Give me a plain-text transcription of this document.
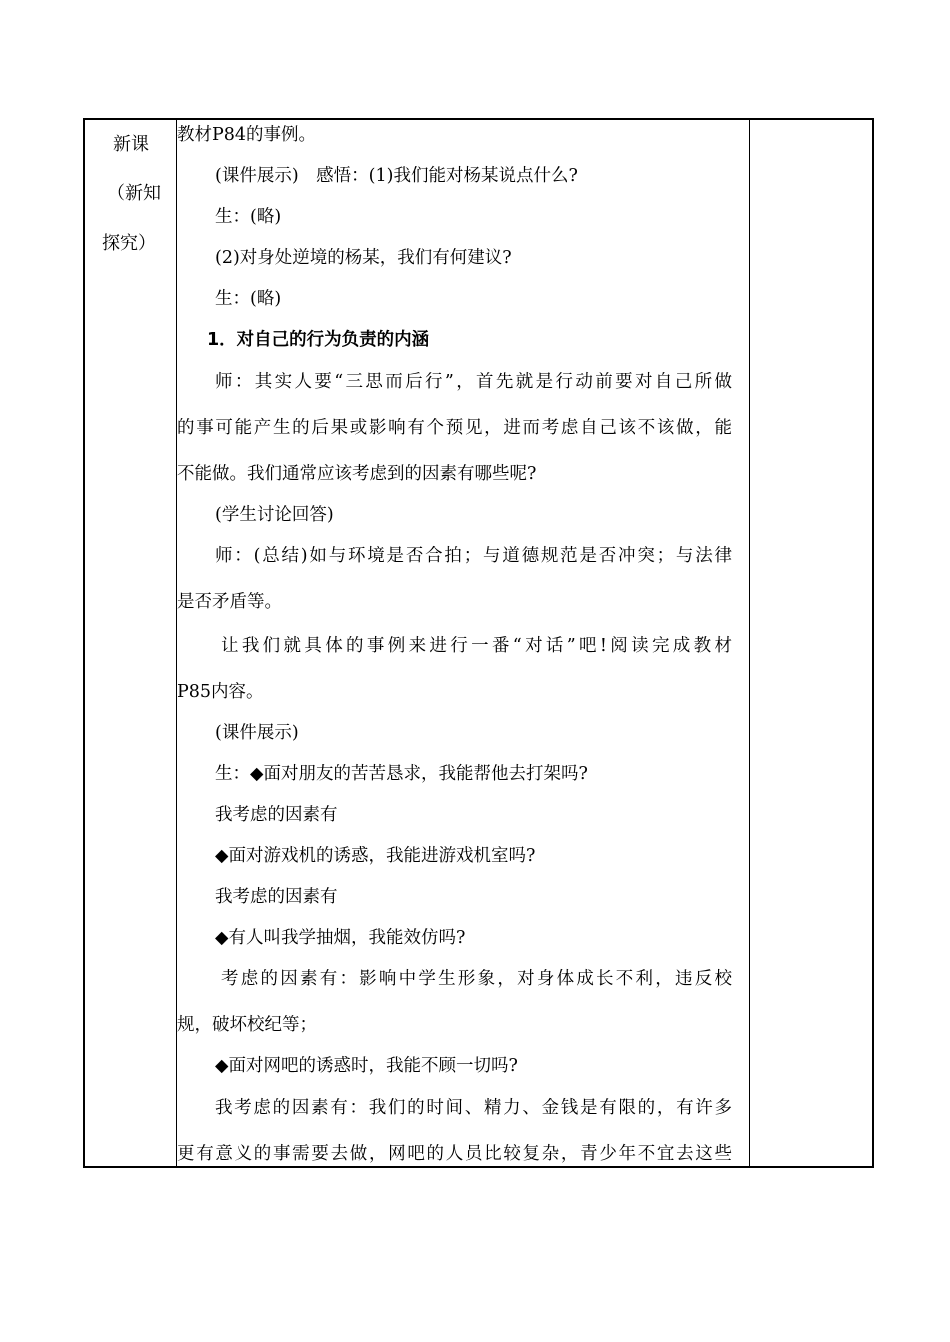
新课
（新知
探究）
教材P84的事例。
(课件展示)　感悟：(1)我们能对杨某说点什么?
生：(略)
(2)对身处逆境的杨某，我们有何建议?
生：(略)
1．对自己的行为负责的内涵
师：其实人要“三思而后行”，首先就是行动前要对自己所做
的事可能产生的后果或影响有个预见，进而考虑自己该不该做，能
不能做。我们通常应该考虑到的因素有哪些呢?
(学生讨论回答)
师：(总结)如与环境是否合拍；与道德规范是否冲突；与法律
是否矛盾等。
让我们就具体的事例来进行一番“对话”吧!阅读完成教材
P85内容。
(课件展示)
生：◆面对朋友的苦苦恳求，我能帮他去打架吗?
我考虑的因素有
◆面对游戏机的诱惑，我能进游戏机室吗?
我考虑的因素有
◆有人叫我学抽烟，我能效仿吗?
考虑的因素有：影响中学生形象，对身体成长不利，违反校
规，破坏校纪等；
◆面对网吧的诱惑时，我能不顾一切吗?
我考虑的因素有：我们的时间、精力、金钱是有限的，有许多
更有意义的事需要去做，网吧的人员比较复杂，青少年不宜去这些
